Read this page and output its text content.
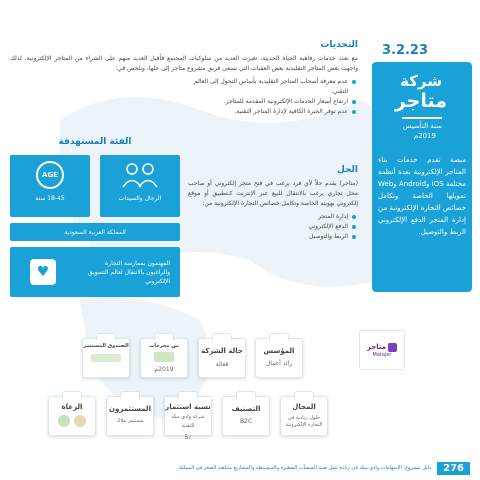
3.2.23
شركة
متاجر
سنة التأسيس
2019م
منصة تقدم خدمات بناء المتاجر الإلكترونية بعدة أنظمة مختلفة iOS وAndroid وWeb تمويلها الخاصة وتكامل خصائص التجارة الإلكترونية من إدارة المتجر الدفع الإلكتروني الربط والتوصيل.
التحديات
مع تعدد خدمات رفاهية الحياة الحديثة، تغيرت العديد من سلوكيات المجتمع فأقبل العديد منهم على الشراء من المتاجر الإلكترونية، لذلك واجهت بعض المتاجر التقليدية بعض العقبات التي تسعى فريق مشروع متاجر إلى حلها، ونلخص في:
عدم معرفة أصحاب المتاجر التقليدية بأساس التحول إلى العالم التقني.
ارتفاع أسعار الخدمات الإلكترونية المقدمة للمتاجر.
عدم توفر الخبرة الكافية لإدارة المتاجر التقنية.
الحل
(متاجر) يقدم حلاً لأي فرد يرغب في فتح متجر إلكتروني أو صاحب محل تجاري يرغب بالانتقال للبيع عبر الإنترنت كـتطبيق أو موقع إلكتروني بهويته الخاصة وتكامل خصائص التجارة الإلكترونية من:
إدارة المتجر
الدفع الإلكتروني
الربط والتوصيل
الفئة المستهدفة
الرجال والسيدات
AGE
18-45 سنة
المملكة العربية السعودية
المهتمون بممارسة التجارة والراغبون بالانتقال لعالم التسويق الإلكتروني
♥
متاجر
Matajer
المؤسس
رائد أعمال
حالة الشركة
فعالة
من مخرجات
2019م
الصندوق المستثمر
المجال
حلول ريادية في التجارة الإلكترونية
التصنيف
B2C
نسبة استثمار
شركة وادي مكة للتقنية
5٪
المستثمرون
مستثمر ملاك
الرعاة
276
دليل مشروع: الإسهامات وادي مكة في ريادة عمل هيئة المنشآت الصغيرة والمتوسطة والمشاريع متناهية الصغر في المملكة
